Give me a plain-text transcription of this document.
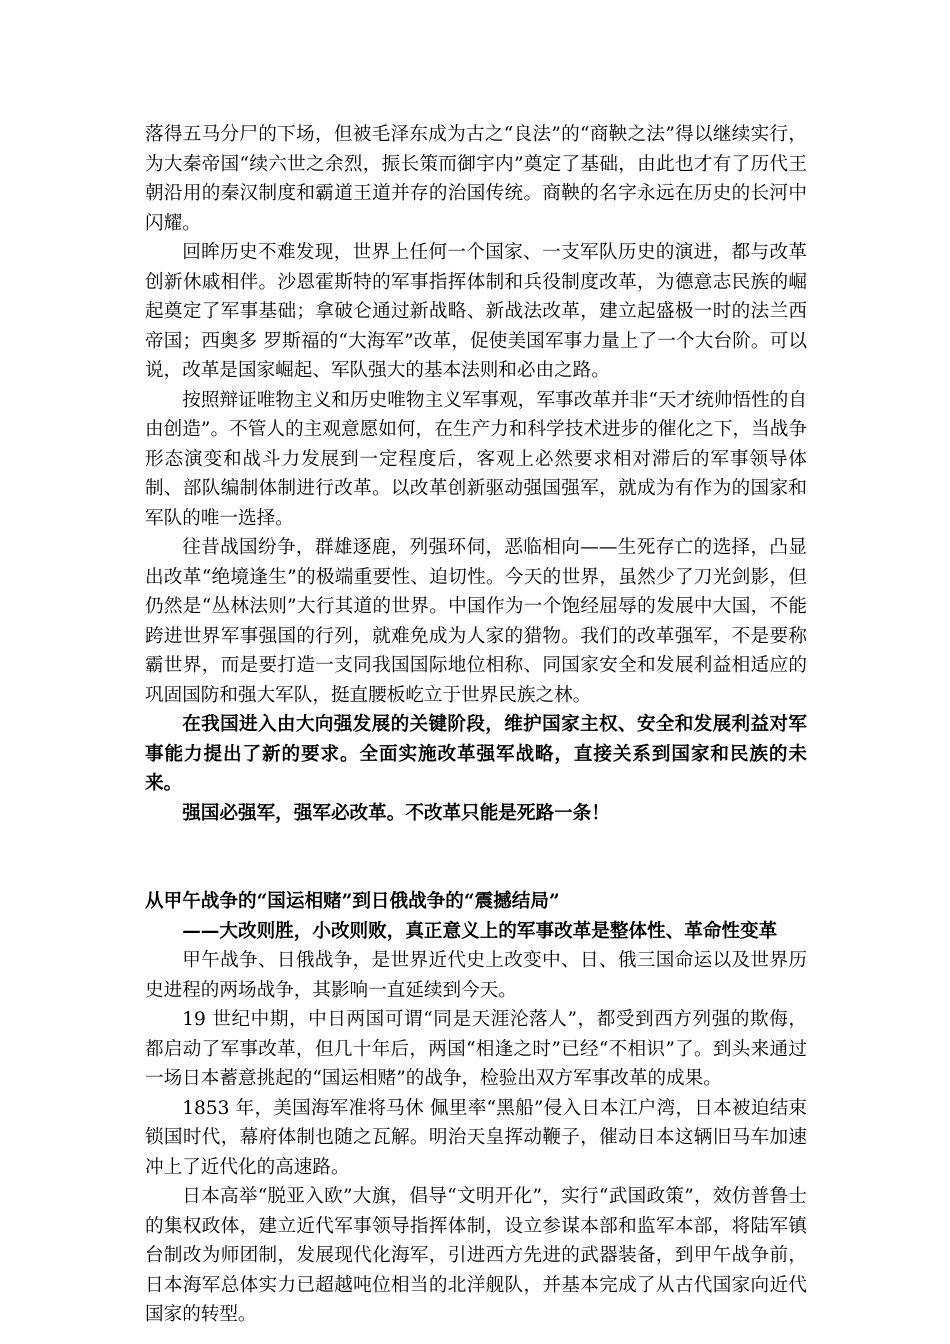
落得五马分尸的下场，但被毛泽东成为古之“良法”的“商鞅之法”得以继续实行，为大秦帝国“续六世之余烈，振长策而御宇内”奠定了基础，由此也才有了历代王朝沿用的秦汉制度和霸道王道并存的治国传统。商鞅的名字永远在历史的长河中闪耀。

回眸历史不难发现，世界上任何一个国家、一支军队历史的演进，都与改革创新休戚相伴。沙恩霍斯特的军事指挥体制和兵役制度改革，为德意志民族的崛起奠定了军事基础；拿破仑通过新战略、新战法改革，建立起盛极一时的法兰西帝国；西奥多 罗斯福的“大海军”改革，促使美国军事力量上了一个大台阶。可以说，改革是国家崛起、军队强大的基本法则和必由之路。

按照辩证唯物主义和历史唯物主义军事观，军事改革并非“天才统帅悟性的自由创造”。不管人的主观意愿如何，在生产力和科学技术进步的催化之下，当战争形态演变和战斗力发展到一定程度后，客观上必然要求相对滞后的军事领导体制、部队编制体制进行改革。以改革创新驱动强国强军，就成为有作为的国家和军队的唯一选择。

往昔战国纷争，群雄逐鹿，列强环伺，恶临相向——生死存亡的选择，凸显出改革“绝境逢生”的极端重要性、迫切性。今天的世界，虽然少了刀光剑影，但仍然是“丛林法则”大行其道的世界。中国作为一个饱经屈辱的发展中大国，不能跨进世界军事强国的行列，就难免成为人家的猎物。我们的改革强军，不是要称霸世界，而是要打造一支同我国国际地位相称、同国家安全和发展利益相适应的巩固国防和强大军队，挺直腰板屹立于世界民族之林。

在我国进入由大向强发展的关键阶段，维护国家主权、安全和发展利益对军事能力提出了新的要求。全面实施改革强军战略，直接关系到国家和民族的未来。

强国必强军，强军必改革。不改革只能是死路一条！

从甲午战争的“国运相赌”到日俄战争的“震撼结局”

——大改则胜，小改则败，真正意义上的军事改革是整体性、革命性变革

甲午战争、日俄战争，是世界近代史上改变中、日、俄三国命运以及世界历史进程的两场战争，其影响一直延续到今天。

19 世纪中期，中日两国可谓“同是天涯沦落人”，都受到西方列强的欺侮，都启动了军事改革，但几十年后，两国“相逢之时”已经“不相识”了。到头来通过一场日本蓄意挑起的“国运相赌”的战争，检验出双方军事改革的成果。

1853 年，美国海军准将马休 佩里率“黑船”侵入日本江户湾，日本被迫结束锁国时代，幕府体制也随之瓦解。明治天皇挥动鞭子，催动日本这辆旧马车加速冲上了近代化的高速路。

日本高举“脱亚入欧”大旗，倡导“文明开化”，实行“武国政策”，效仿普鲁士的集权政体，建立近代军事领导指挥体制，设立参谋本部和监军本部，将陆军镇台制改为师团制，发展现代化海军，引进西方先进的武器装备，到甲午战争前，日本海军总体实力已超越吨位相当的北洋舰队，并基本完成了从古代国家向近代国家的转型。
